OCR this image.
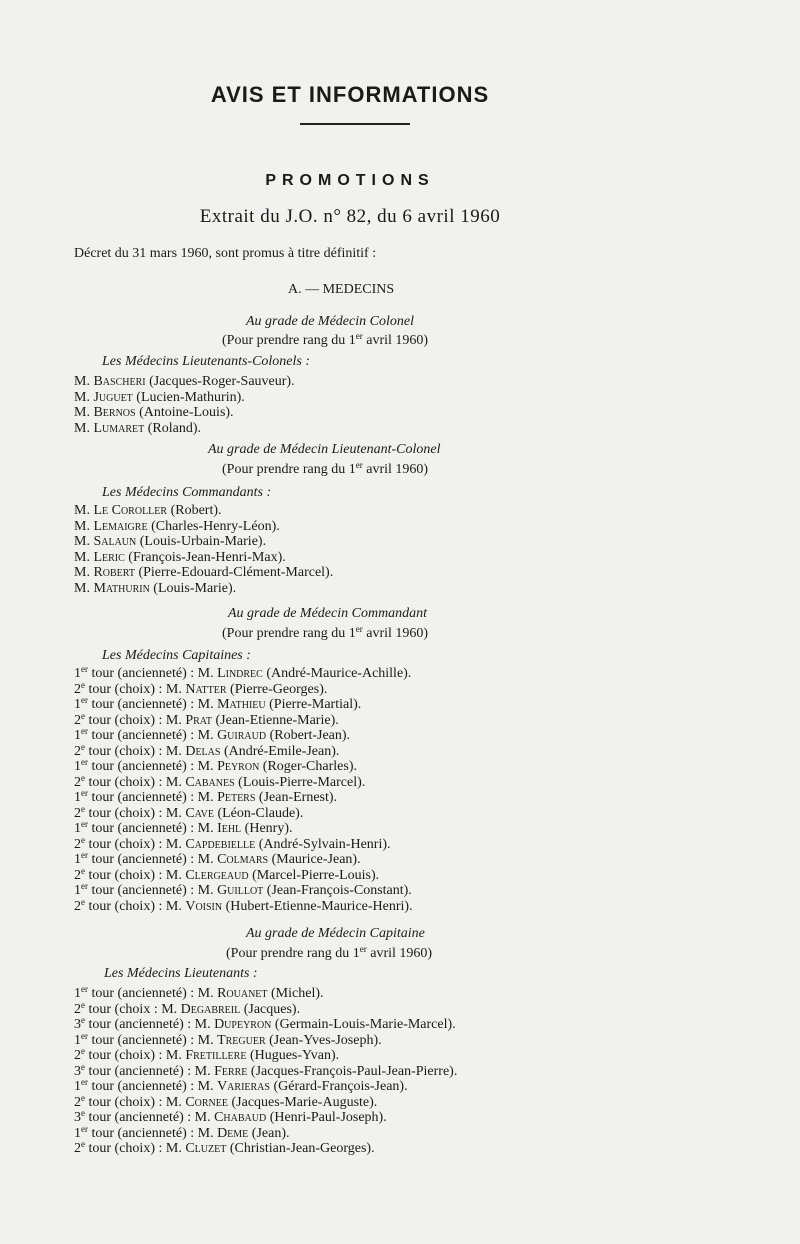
AVIS ET INFORMATIONS
PROMOTIONS
Extrait du J.O. n° 82, du 6 avril 1960
Décret du 31 mars 1960, sont promus à titre définitif :
A. — MEDECINS
Au grade de Médecin Colonel
(Pour prendre rang du 1er avril 1960)
Les Médecins Lieutenants-Colonels :
M. Bascheri (Jacques-Roger-Sauveur).
M. Juguet (Lucien-Mathurin).
M. Bernos (Antoine-Louis).
M. Lumaret (Roland).
Au grade de Médecin Lieutenant-Colonel
(Pour prendre rang du 1er avril 1960)
Les Médecins Commandants :
M. Le Coroller (Robert).
M. Lemaigre (Charles-Henry-Léon).
M. Salaun (Louis-Urbain-Marie).
M. Leric (François-Jean-Henri-Max).
M. Robert (Pierre-Edouard-Clément-Marcel).
M. Mathurin (Louis-Marie).
Au grade de Médecin Commandant
(Pour prendre rang du 1er avril 1960)
Les Médecins Capitaines :
1er tour (ancienneté) : M. Lindrec (André-Maurice-Achille).
2e tour (choix) : M. Natter (Pierre-Georges).
1er tour (ancienneté) : M. Mathieu (Pierre-Martial).
2e tour (choix) : M. Prat (Jean-Etienne-Marie).
1er tour (ancienneté) : M. Guiraud (Robert-Jean).
2e tour (choix) : M. Delas (André-Emile-Jean).
1er tour (ancienneté) : M. Peyron (Roger-Charles).
2e tour (choix) : M. Cabanes (Louis-Pierre-Marcel).
1er tour (ancienneté) : M. Peters (Jean-Ernest).
2e tour (choix) : M. Cave (Léon-Claude).
1er tour (ancienneté) : M. Iehl (Henry).
2e tour (choix) : M. Capdebielle (André-Sylvain-Henri).
1er tour (ancienneté) : M. Colmars (Maurice-Jean).
2e tour (choix) : M. Clergeaud (Marcel-Pierre-Louis).
1er tour (ancienneté) : M. Guillot (Jean-François-Constant).
2e tour (choix) : M. Voisin (Hubert-Etienne-Maurice-Henri).
Au grade de Médecin Capitaine
(Pour prendre rang du 1er avril 1960)
Les Médecins Lieutenants :
1er tour (ancienneté) : M. Rouanet (Michel).
2e tour (choix : M. Degabreil (Jacques).
3e tour (ancienneté) : M. Dupeyron (Germain-Louis-Marie-Marcel).
1er tour (ancienneté) : M. Treguer (Jean-Yves-Joseph).
2e tour (choix) : M. Fretillere (Hugues-Yvan).
3e tour (ancienneté) : M. Ferre (Jacques-François-Paul-Jean-Pierre).
1er tour (ancienneté) : M. Varieras (Gérard-François-Jean).
2e tour (choix) : M. Cornee (Jacques-Marie-Auguste).
3e tour (ancienneté) : M. Chabaud (Henri-Paul-Joseph).
1er tour (ancienneté) : M. Deme (Jean).
2e tour (choix) : M. Cluzet (Christian-Jean-Georges).
